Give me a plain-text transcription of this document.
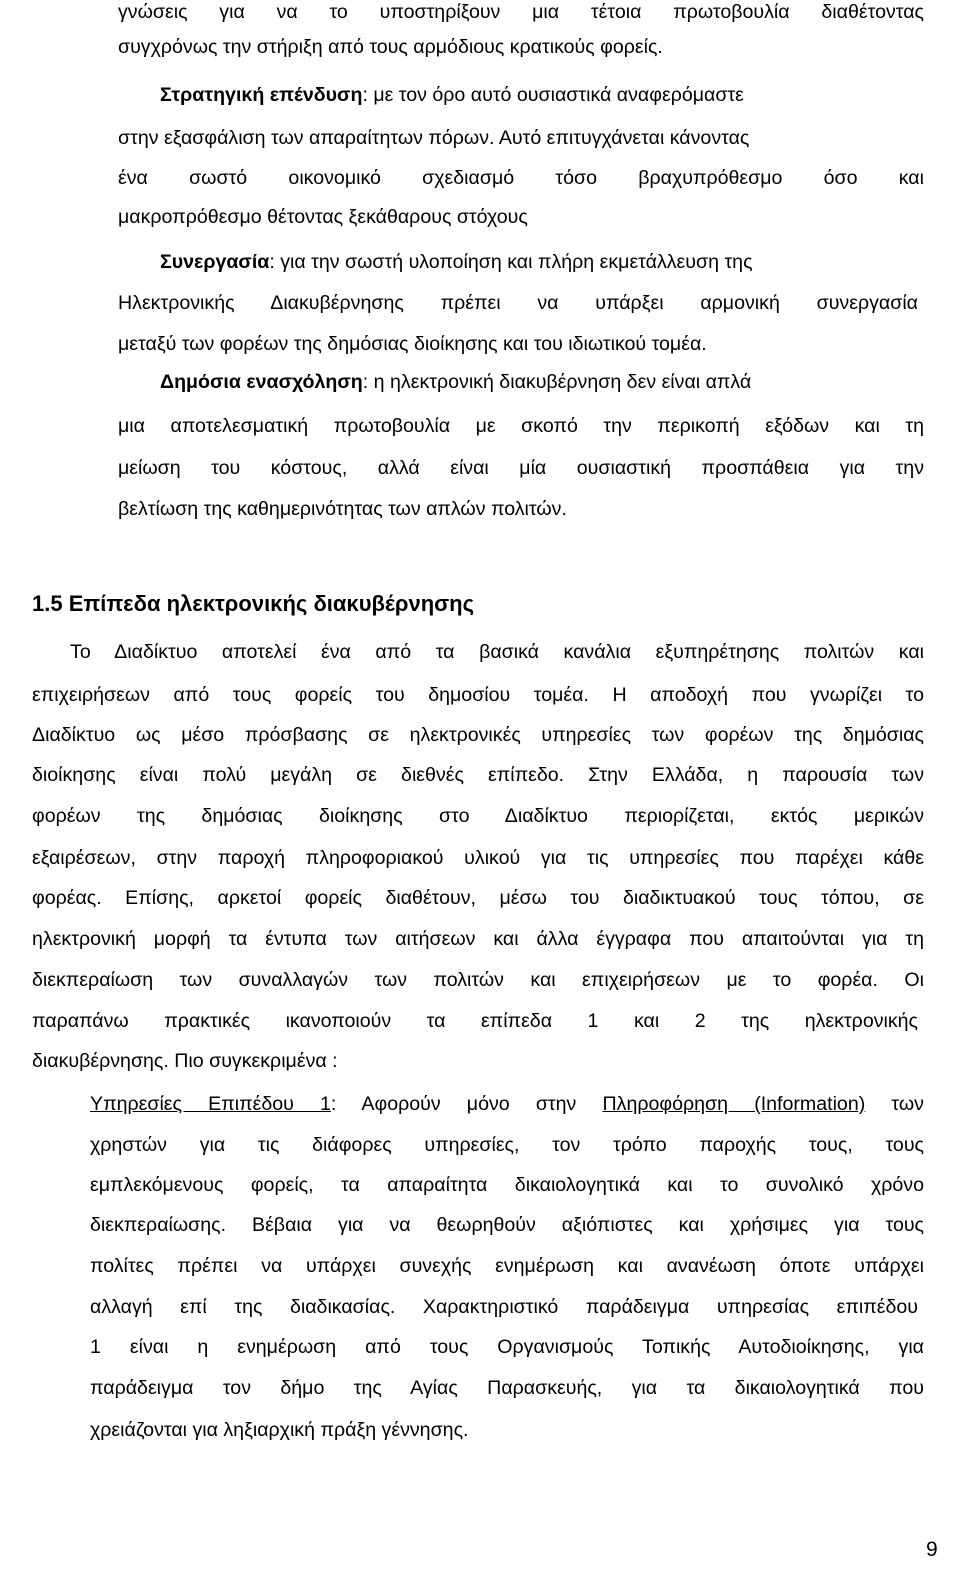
γνώσεις για να το υποστηρίξουν μια τέτοια πρωτοβουλία διαθέτοντας
συγχρόνως την στήριξη από τους αρμόδιους κρατικούς φορείς.
Στρατηγική επένδυση: με τον όρο αυτό ουσιαστικά αναφερόμαστε
στην εξασφάλιση των απαραίτητων πόρων. Αυτό επιτυγχάνεται κάνοντας
ένα σωστό οικονομικό σχεδιασμό τόσο βραχυπρόθεσμο όσο και
μακροπρόθεσμο θέτοντας ξεκάθαρους στόχους
Συνεργασία: για την σωστή υλοποίηση και πλήρη εκμετάλλευση της
Ηλεκτρονικής Διακυβέρνησης πρέπει να υπάρξει αρμονική συνεργασία
μεταξύ των φορέων της δημόσιας διοίκησης και του ιδιωτικού τομέα.
Δημόσια ενασχόληση: η ηλεκτρονική διακυβέρνηση δεν είναι απλά
μια αποτελεσματική πρωτοβουλία με σκοπό την περικοπή εξόδων και τη
μείωση του κόστους, αλλά είναι μία ουσιαστική προσπάθεια για την
βελτίωση της καθημερινότητας των απλών πολιτών.
1.5 Επίπεδα ηλεκτρονικής διακυβέρνησης
Το Διαδίκτυο αποτελεί ένα από τα βασικά κανάλια εξυπηρέτησης πολιτών και
επιχειρήσεων από τους φορείς του δημοσίου τομέα. Η αποδοχή που γνωρίζει το
Διαδίκτυο ως μέσο πρόσβασης σε ηλεκτρονικές υπηρεσίες των φορέων της δημόσιας
διοίκησης είναι πολύ μεγάλη σε διεθνές επίπεδο. Στην Ελλάδα, η παρουσία των
φορέων της δημόσιας διοίκησης στο Διαδίκτυο περιορίζεται, εκτός μερικών
εξαιρέσεων, στην παροχή πληροφοριακού υλικού για τις υπηρεσίες που παρέχει κάθε
φορέας. Επίσης, αρκετοί φορείς διαθέτουν, μέσω του διαδικτυακού τους τόπου, σε
ηλεκτρονική μορφή τα έντυπα των αιτήσεων και άλλα έγγραφα που απαιτούνται για τη
διεκπεραίωση των συναλλαγών των πολιτών και επιχειρήσεων με το φορέα. Οι
παραπάνω πρακτικές ικανοποιούν τα επίπεδα 1 και 2 της ηλεκτρονικής
διακυβέρνησης. Πιο συγκεκριμένα :
Υπηρεσίες Επιπέδου 1: Αφορούν μόνο στην Πληροφόρηση (Information) των
χρηστών για τις διάφορες υπηρεσίες, τον τρόπο παροχής τους, τους
εμπλεκόμενους φορείς, τα απαραίτητα δικαιολογητικά και το συνολικό χρόνο
διεκπεραίωσης. Βέβαια για να θεωρηθούν αξιόπιστες και χρήσιμες για τους
πολίτες πρέπει να υπάρχει συνεχής ενημέρωση και ανανέωση όποτε υπάρχει
αλλαγή επί της διαδικασίας. Χαρακτηριστικό παράδειγμα υπηρεσίας επιπέδου
1 είναι η ενημέρωση από τους Οργανισμούς Τοπικής Αυτοδιοίκησης, για
παράδειγμα τον δήμο της Αγίας Παρασκευής, για τα δικαιολογητικά που
χρειάζονται για ληξιαρχική πράξη γέννησης.
9
